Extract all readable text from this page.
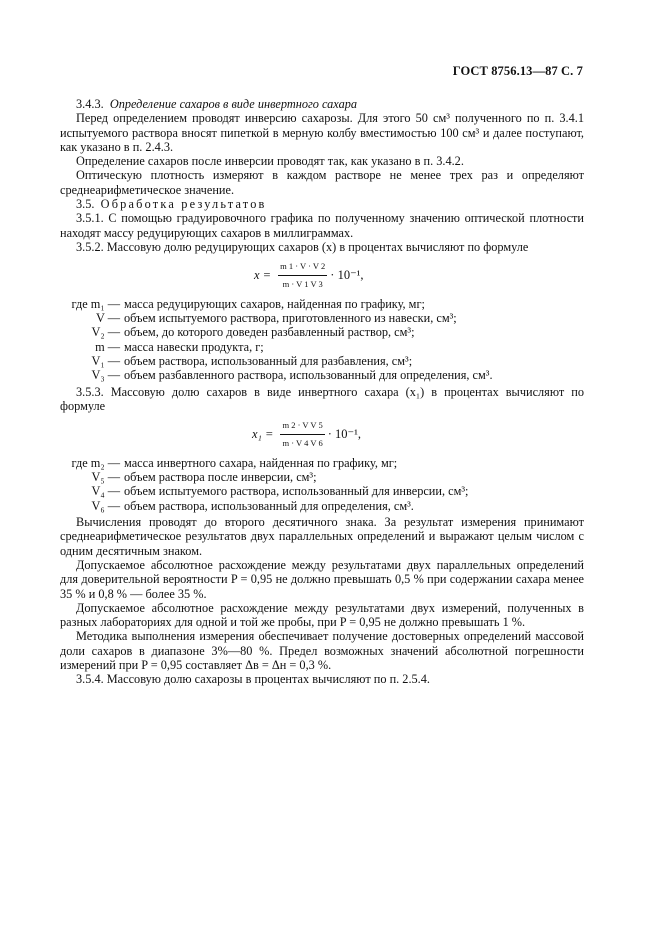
ГОСТ 8756.13—87 С. 7

3.4.3. Определение сахаров в виде инвертного сахара

Перед определением проводят инверсию сахарозы. Для этого 50 см³ полученного по п. 3.4.1 испытуемого раствора вносят пипеткой в мерную колбу вместимостью 100 см³ и далее поступают, как указано в п. 2.4.3.

Определение сахаров после инверсии проводят так, как указано в п. 3.4.2.

Оптическую плотность измеряют в каждом растворе не менее трех раз и определяют среднеарифметическое значение.

3.5. Обработка результатов

3.5.1. С помощью градуировочного графика по полученному значению оптической плотности находят массу редуцирующих сахаров в миллиграммах.

3.5.2. Массовую долю редуцирующих сахаров (x) в процентах вычисляют по формуле

$x = \frac{m 1 \cdot V \cdot V 2}{m \cdot V 1 V 3} \cdot 10^{-1}$,
где m₁ — масса редуцирующих сахаров, найденная по графику, мг;
V — объем испытуемого раствора, приготовленного из навески, см³;
V₂ — объем, до которого доведен разбавленный раствор, см³;
m — масса навески продукта, г;
V₁ — объем раствора, использованный для разбавления, см³;
V₃ — объем разбавленного раствора, использованный для определения, см³.

3.5.3. Массовую долю сахаров в виде инвертного сахара (x₁) в процентах вычисляют по формуле

$x_1 = \frac{\text{m 2 · V V 5}}{m \cdot V 4 V 6} \cdot 10^{-1}$,
где m₂ — масса инвертного сахара, найденная по графику, мг;
V₅ — объем раствора после инверсии, см³;
V₄ — объем испытуемого раствора, использованный для инверсии, см³;
V₆ — объем раствора, использованный для определения, см³.

Вычисления проводят до второго десятичного знака. За результат измерения принимают среднеарифметическое результатов двух параллельных определений и выражают целым числом с одним десятичным знаком.

Допускаемое абсолютное расхождение между результатами двух параллельных определений для доверительной вероятности P = 0,95 не должно превышать 0,5 % при содержании сахара менее 35 % и 0,8 % — более 35 %.

Допускаемое абсолютное расхождение между результатами двух измерений, полученных в разных лабораториях для одной и той же пробы, при P = 0,95 не должно превышать 1 %.

Методика выполнения измерения обеспечивает получение достоверных определений массовой доли сахаров в диапазоне 3%—80 %. Предел возможных значений абсолютной погрешности измерений при P = 0,95 составляет Δв = Δн = 0,3 %.

3.5.4. Массовую долю сахарозы в процентах вычисляют по п. 2.5.4.
